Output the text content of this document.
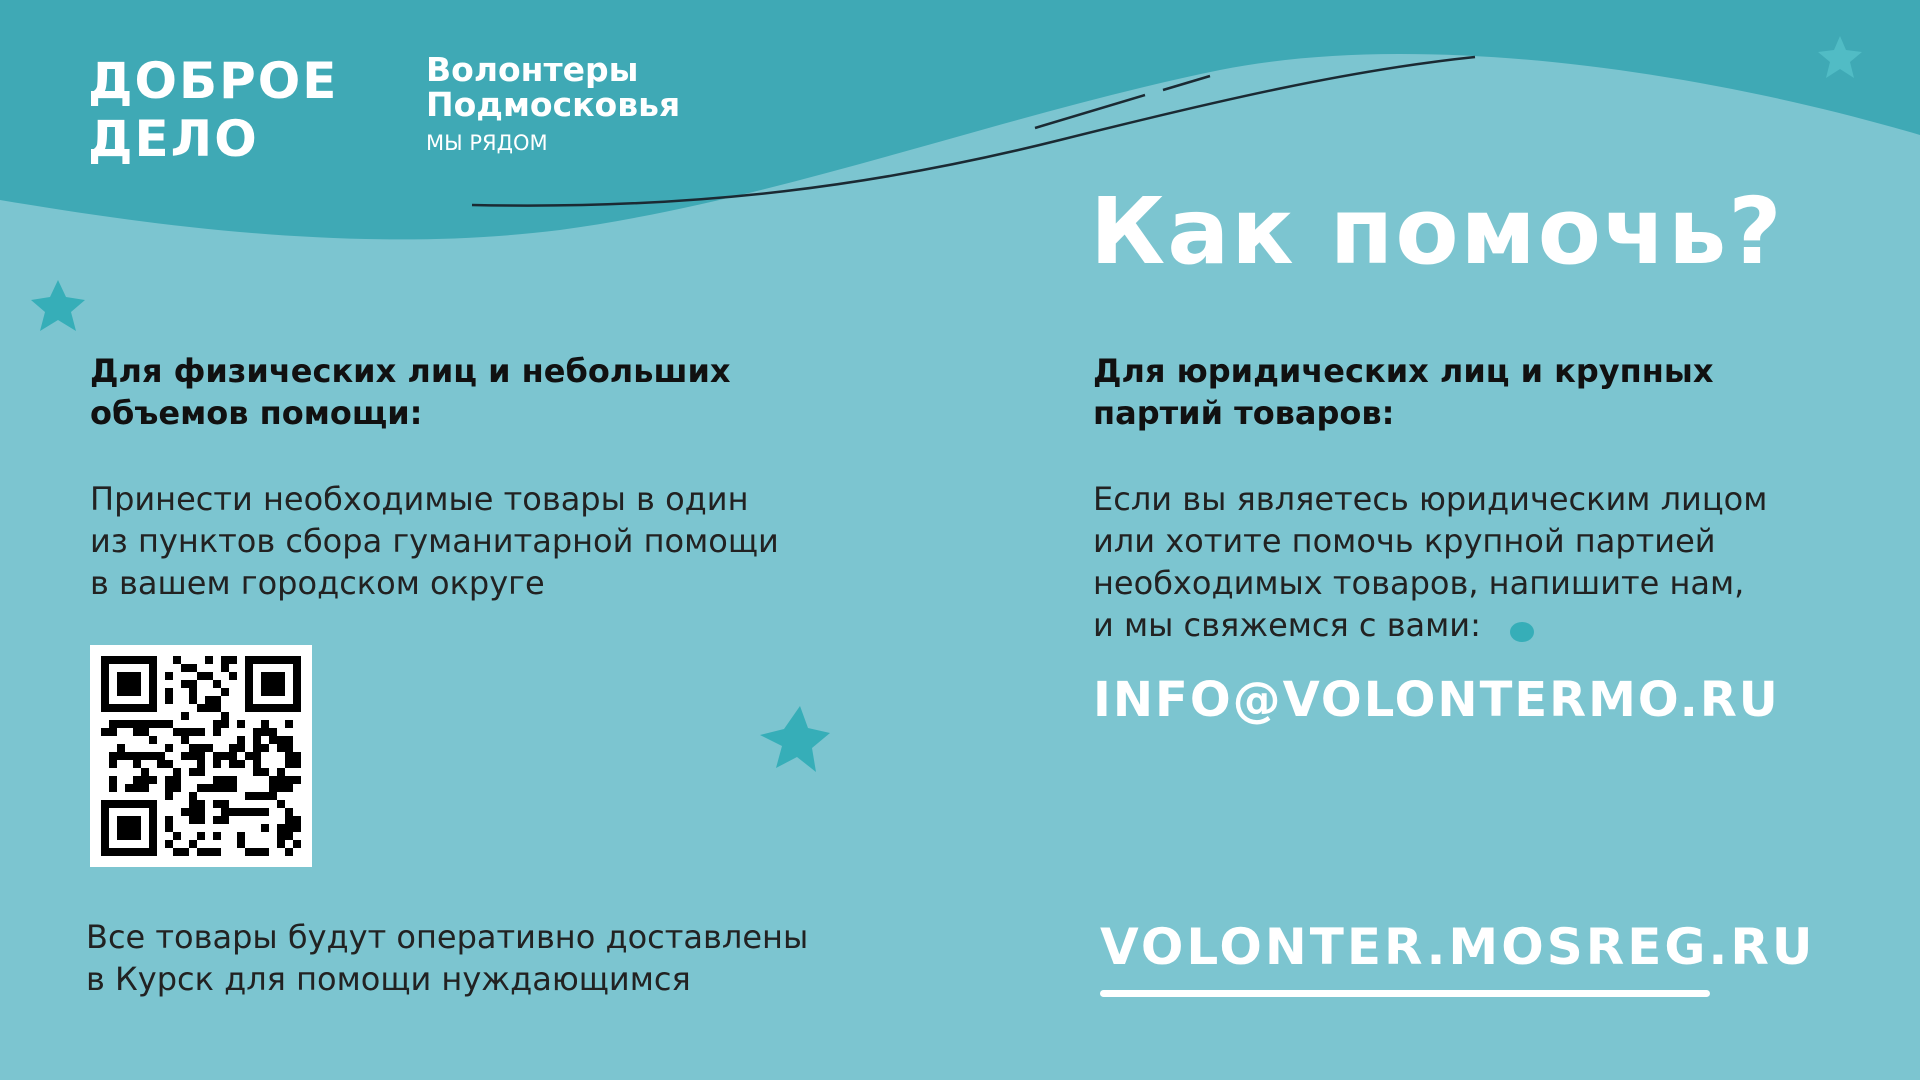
ДОБРОЕ
ДЕЛО
Волонтеры
Подмосковья
МЫ РЯДОМ
Как помочь?
Для физических лиц и небольших
объемов помощи:
Принести необходимые товары в один
из пунктов сбора гуманитарной помощи
в вашем городском округе
Все товары будут оперативно доставлены
в Курск для помощи нуждающимся
Для юридических лиц и крупных
партий товаров:
Если вы являетесь юридическим лицом
или хотите помочь крупной партией
необходимых товаров, напишите нам,
и мы свяжемся с вами:
INFO@VOLONTERMO.RU
VOLONTER.MOSREG.RU
